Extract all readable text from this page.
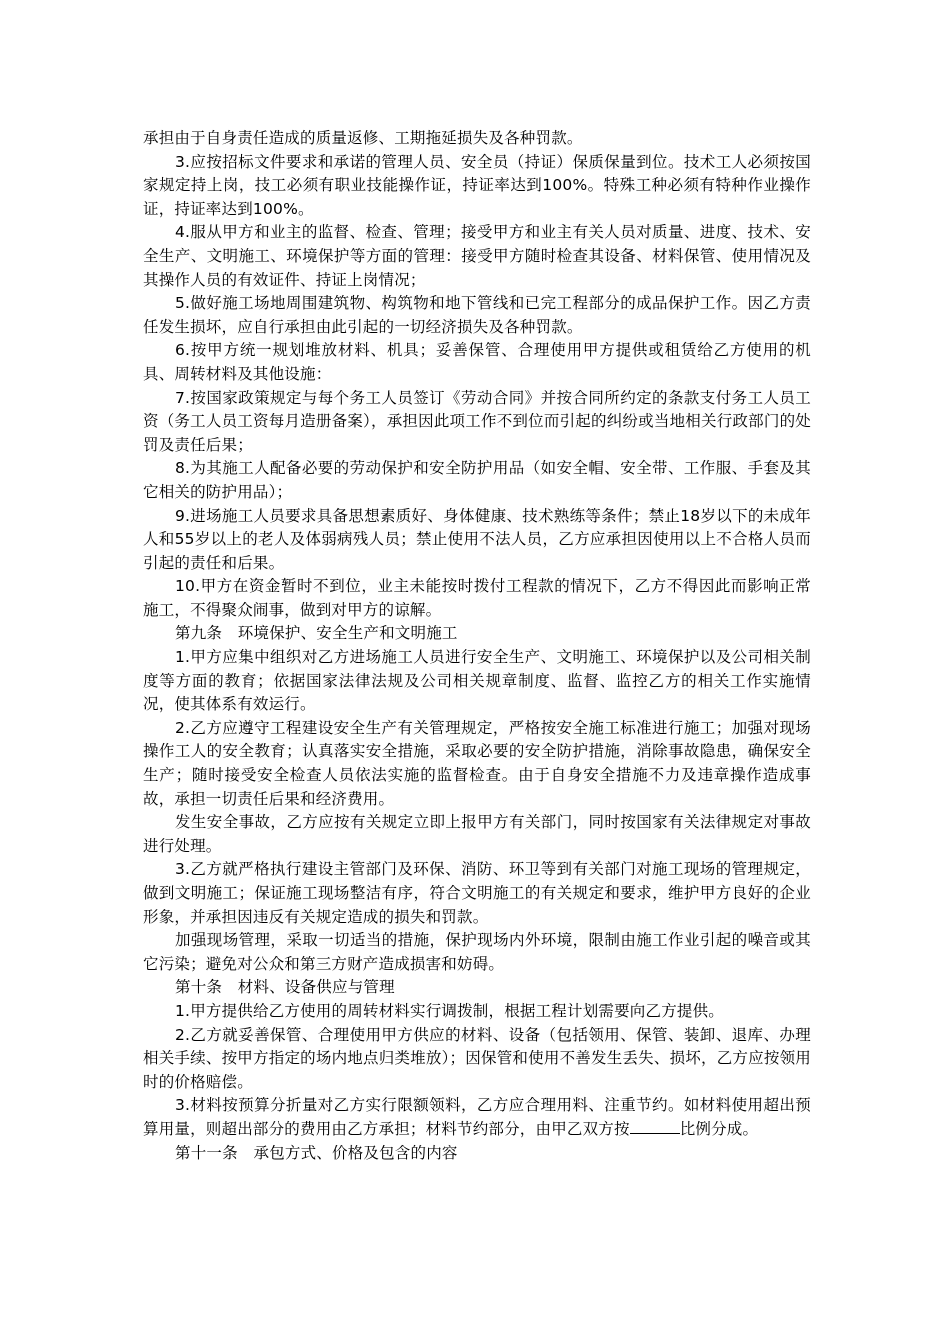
承担由于自身责任造成的质量返修、工期拖延损失及各种罚款。

3.应按招标文件要求和承诺的管理人员、安全员（持证）保质保量到位。技术工人必须按国家规定持上岗，技工必须有职业技能操作证，持证率达到100%。特殊工种必须有特种作业操作证，持证率达到100%。

4.服从甲方和业主的监督、检查、管理；接受甲方和业主有关人员对质量、进度、技术、安全生产、文明施工、环境保护等方面的管理：接受甲方随时检查其设备、材料保管、使用情况及其操作人员的有效证件、持证上岗情况；

5.做好施工场地周围建筑物、构筑物和地下管线和已完工程部分的成品保护工作。因乙方责任发生损坏，应自行承担由此引起的一切经济损失及各种罚款。

6.按甲方统一规划堆放材料、机具；妥善保管、合理使用甲方提供或租赁给乙方使用的机具、周转材料及其他设施：

7.按国家政策规定与每个务工人员签订《劳动合同》并按合同所约定的条款支付务工人员工资（务工人员工资每月造册备案），承担因此项工作不到位而引起的纠纷或当地相关行政部门的处罚及责任后果；

8.为其施工人配备必要的劳动保护和安全防护用品（如安全帽、安全带、工作服、手套及其它相关的防护用品）；

9.进场施工人员要求具备思想素质好、身体健康、技术熟练等条件；禁止18岁以下的未成年人和55岁以上的老人及体弱病残人员；禁止使用不法人员，乙方应承担因使用以上不合格人员而引起的责任和后果。

10.甲方在资金暂时不到位，业主未能按时拨付工程款的情况下，乙方不得因此而影响正常施工，不得聚众闹事，做到对甲方的谅解。

第九条　环境保护、安全生产和文明施工

1.甲方应集中组织对乙方进场施工人员进行安全生产、文明施工、环境保护以及公司相关制度等方面的教育；依据国家法律法规及公司相关规章制度、监督、监控乙方的相关工作实施情况，使其体系有效运行。

2.乙方应遵守工程建设安全生产有关管理规定，严格按安全施工标准进行施工；加强对现场操作工人的安全教育；认真落实安全措施，采取必要的安全防护措施，消除事故隐患，确保安全生产；随时接受安全检查人员依法实施的监督检查。由于自身安全措施不力及违章操作造成事故，承担一切责任后果和经济费用。

发生安全事故，乙方应按有关规定立即上报甲方有关部门，同时按国家有关法律规定对事故进行处理。

3.乙方就严格执行建设主管部门及环保、消防、环卫等到有关部门对施工现场的管理规定，做到文明施工；保证施工现场整洁有序，符合文明施工的有关规定和要求，维护甲方良好的企业形象，并承担因违反有关规定造成的损失和罚款。

加强现场管理，采取一切适当的措施，保护现场内外环境，限制由施工作业引起的噪音或其它污染；避免对公众和第三方财产造成损害和妨碍。

第十条　材料、设备供应与管理

1.甲方提供给乙方使用的周转材料实行调拨制，根据工程计划需要向乙方提供。

2.乙方就妥善保管、合理使用甲方供应的材料、设备（包括领用、保管、装卸、退库、办理相关手续、按甲方指定的场内地点归类堆放）；因保管和使用不善发生丢失、损坏，乙方应按领用时的价格赔偿。

3.材料按预算分折量对乙方实行限额领料，乙方应合理用料、注重节约。如材料使用超出预算用量，则超出部分的费用由乙方承担；材料节约部分，由甲乙双方按	比例分成。

第十一条　承包方式、价格及包含的内容
